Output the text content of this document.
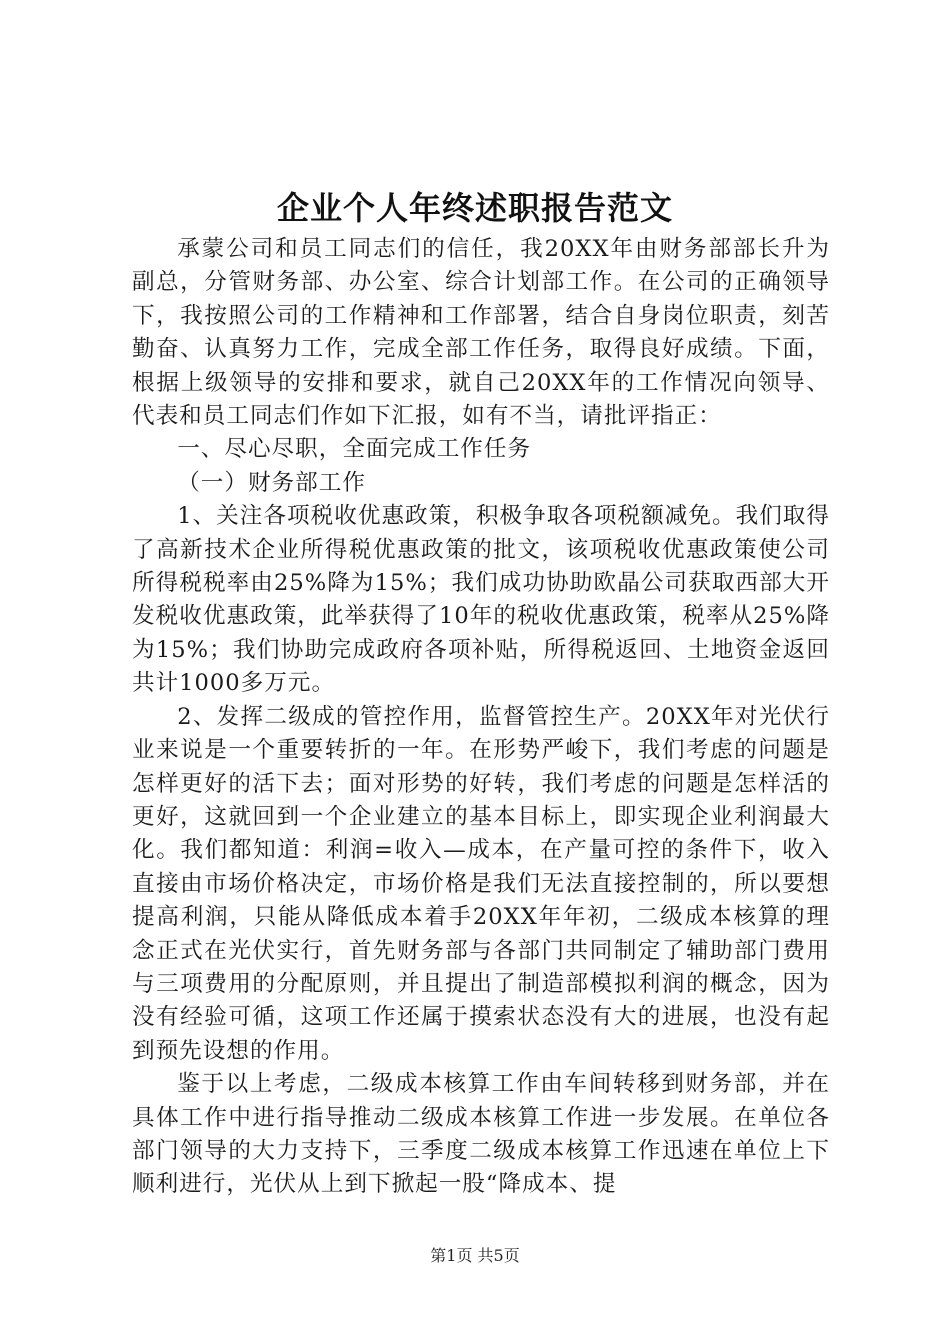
企业个人年终述职报告范文

承蒙公司和员工同志们的信任，我20XX年由财务部部长升为副总，分管财务部、办公室、综合计划部工作。在公司的正确领导下，我按照公司的工作精神和工作部署，结合自身岗位职责，刻苦勤奋、认真努力工作，完成全部工作任务，取得良好成绩。下面，根据上级领导的安排和要求，就自己20XX年的工作情况向领导、代表和员工同志们作如下汇报，如有不当，请批评指正：

一、尽心尽职，全面完成工作任务

（一）财务部工作

1、关注各项税收优惠政策，积极争取各项税额减免。我们取得了高新技术企业所得税优惠政策的批文，该项税收优惠政策使公司所得税税率由25%降为15%；我们成功协助欧晶公司获取西部大开发税收优惠政策，此举获得了10年的税收优惠政策，税率从25%降为15%；我们协助完成政府各项补贴，所得税返回、土地资金返回共计1000多万元。

2、发挥二级成的管控作用，监督管控生产。20XX年对光伏行业来说是一个重要转折的一年。在形势严峻下，我们考虑的问题是怎样更好的活下去；面对形势的好转，我们考虑的问题是怎样活的更好，这就回到一个企业建立的基本目标上，即实现企业利润最大化。我们都知道：利润=收入—成本，在产量可控的条件下，收入直接由市场价格决定，市场价格是我们无法直接控制的，所以要想提高利润，只能从降低成本着手20XX年年初，二级成本核算的理念正式在光伏实行，首先财务部与各部门共同制定了辅助部门费用与三项费用的分配原则，并且提出了制造部模拟利润的概念，因为没有经验可循，这项工作还属于摸索状态没有大的进展，也没有起到预先设想的作用。

鉴于以上考虑，二级成本核算工作由车间转移到财务部，并在具体工作中进行指导推动二级成本核算工作进一步发展。在单位各部门领导的大力支持下，三季度二级成本核算工作迅速在单位上下顺利进行，光伏从上到下掀起一股“降成本、提

第1页 共5页
